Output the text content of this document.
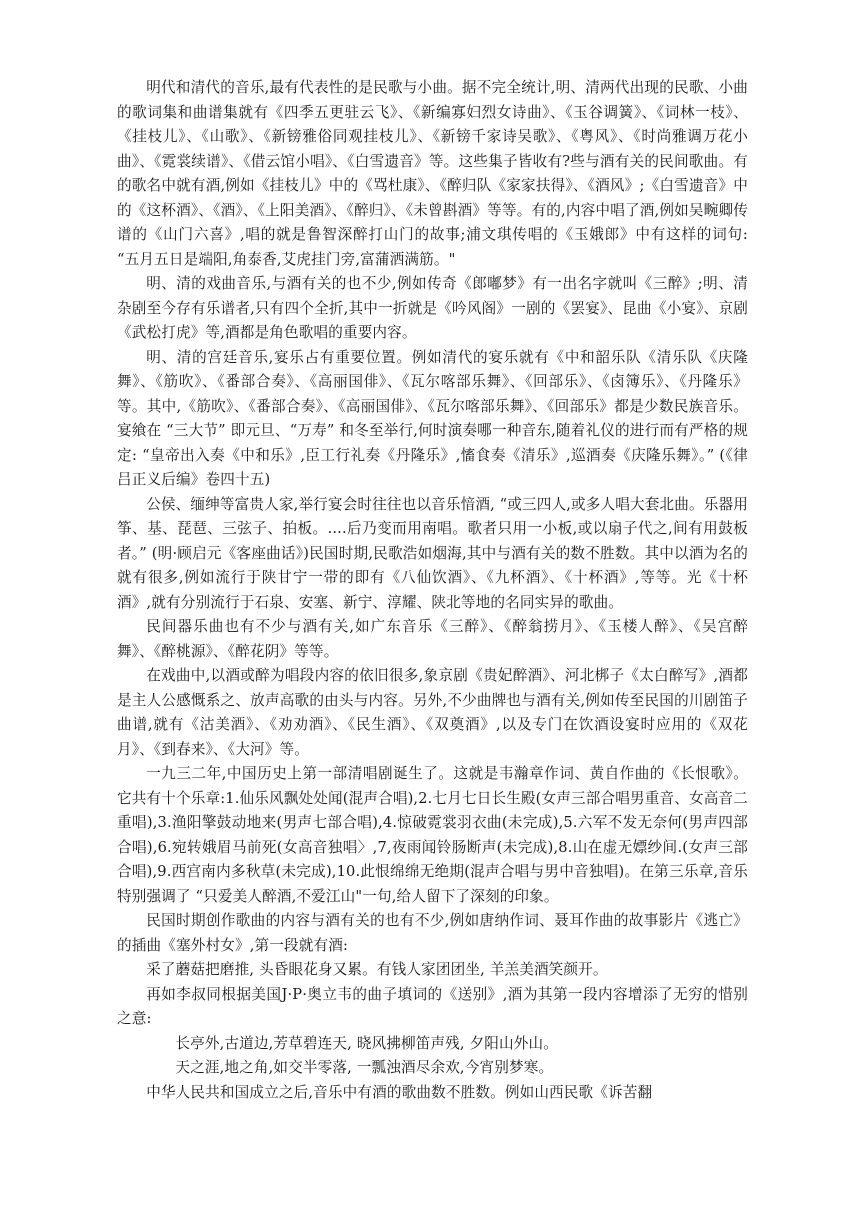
明代和清代的音乐,最有代表性的是民歌与小曲。据不完全统计,明、清两代出现的民歌、小曲的歌词集和曲谱集就有《四季五更驻云飞》、《新编寡妇烈女诗曲》、《玉谷调簧》、《词林一枝》、《挂枝儿》、《山歌》、《新镑雅俗同观挂枝儿》、《新镑千家诗吴歌》、《粤风》、《时尚雅调万花小曲》、《霓裳续谱》、《借云馆小唱》、《白雪遗音》等。这些集子皆收有?些与酒有关的民间歌曲。有的歌名中就有酒,例如《挂枝儿》中的《骂杜康》、《醉归队《家家扶得》、《酒风》;《白雪遗音》中的《这杯酒》、《酒》、《上阳美酒》、《醉归》、《未曾斟酒》等等。有的,内容中唱了酒,例如吴畹卿传谱的《山门六喜》,唱的就是鲁智深醉打山门的故事;浦文琪传唱的《玉娥郎》中有这样的词句: “五月五日是端阳,角泰香,艾虎挂门旁,富蒲洒满筋。"

明、清的戏曲音乐,与酒有关的也不少,例如传奇《郎嘟梦》有一出名字就叫《三醉》;明、清杂剧至今存有乐谱者,只有四个全折,其中一折就是《吟风阁》一剧的《罢宴》、昆曲《小宴》、京剧《武松打虎》等,酒都是角色歌唱的重要内容。

明、清的宫廷音乐,宴乐占有重要位置。例如清代的宴乐就有《中和韶乐队《清乐队《庆隆舞》、《筋吹》、《番部合奏》、《高丽国俳》、《瓦尔喀部乐舞》、《回部乐》、《卤簿乐》、《丹隆乐》等。其中,《筋吹》、《番部合奏》、《高丽国俳》、《瓦尔喀部乐舞》、《回部乐》都是少数民族音乐。宴飨在 “三大节” 即元旦、“万寿” 和冬至举行,何时演奏哪一种音东,随着礼仪的进行而有严格的规定: “皇帝出入奏《中和乐》,臣工行礼奏《丹隆乐》,慉食奏《清乐》,巡酒奏《庆隆乐舞》。” (《律吕正义后编》卷四十五)

公侯、缅绅等富贵人家,举行宴会时往往也以音乐愔酒, “或三四人,或多人唱大套北曲。乐器用筝、基、琵琶、三弦子、拍板。....后乃变而用南唱。歌者只用一小板,或以扇子代之,间有用鼓板者。” (明·顾启元《客座曲话》)民国时期,民歌浩如烟海,其中与酒有关的数不胜数。其中以酒为名的就有很多,例如流行于陕甘宁一带的即有《八仙饮酒》、《九杯酒》、《十杯酒》,等等。光《十杯酒》,就有分别流行于石泉、安塞、新宁、淳耀、陕北等地的名同实异的歌曲。

民间器乐曲也有不少与酒有关,如广东音乐《三醉》、《醉翁捞月》、《玉楼人醉》、《吴宫醉舞》、《醉桃源》、《醉花阴》等等。

在戏曲中,以酒或醉为唱段内容的依旧很多,象京剧《贵妃醉酒》、河北梆子《太白醉写》,酒都是主人公感慨系之、放声高歌的由头与内容。另外,不少曲牌也与酒有关,例如传至民国的川剧笛子曲谱,就有《沽美酒》、《劝劝酒》、《民生酒》、《双奠酒》,以及专门在饮酒设宴时应用的《双花月》、《到春来》、《大河》等。

一九三二年,中国历史上第一部清唱剧诞生了。这就是韦瀚章作词、黄自作曲的《长恨歌》。它共有十个乐章:1.仙乐风飘处处闻(混声合唱),2.七月七日长生殿(女声三部合唱男重音、女高音二重唱),3.渔阳擎鼓动地来(男声七部合唱),4.惊破霓裳羽衣曲(未完成),5.六军不发无奈何(男声四部合唱),6.宛转娥眉马前死(女高音独唱〉,7,夜雨闻铃肠断声(未完成),8.山在虚无嫖纱间.(女声三部合唱),9.西宫南内多秋草(未完成),10.此恨绵绵无绝期(混声合唱与男中音独唱)。在第三乐章,音乐特别强调了 “只爱美人醉酒,不爱江山"一句,给人留下了深刻的印象。

民国时期创作歌曲的内容与酒有关的也有不少,例如唐纳作词、聂耳作曲的故事影片《逃亡》的插曲《塞外村女》,第一段就有酒:

采了蘑菇把磨推, 头昏眼花身又累。有钱人家团团坐, 羊羔美酒笑颜开。

再如李叔同根据美国J·P·奥立韦的曲子填词的《送别》,酒为其第一段内容增添了无穷的惜别之意:

长亭外,古道边,芳草碧连天, 晓风拂柳笛声残, 夕阳山外山。

天之涯,地之角,如交半零落, 一瓢浊酒尽余欢,今宵别梦寒。

中华人民共和国成立之后,音乐中有酒的歌曲数不胜数。例如山西民歌《诉苦翻
